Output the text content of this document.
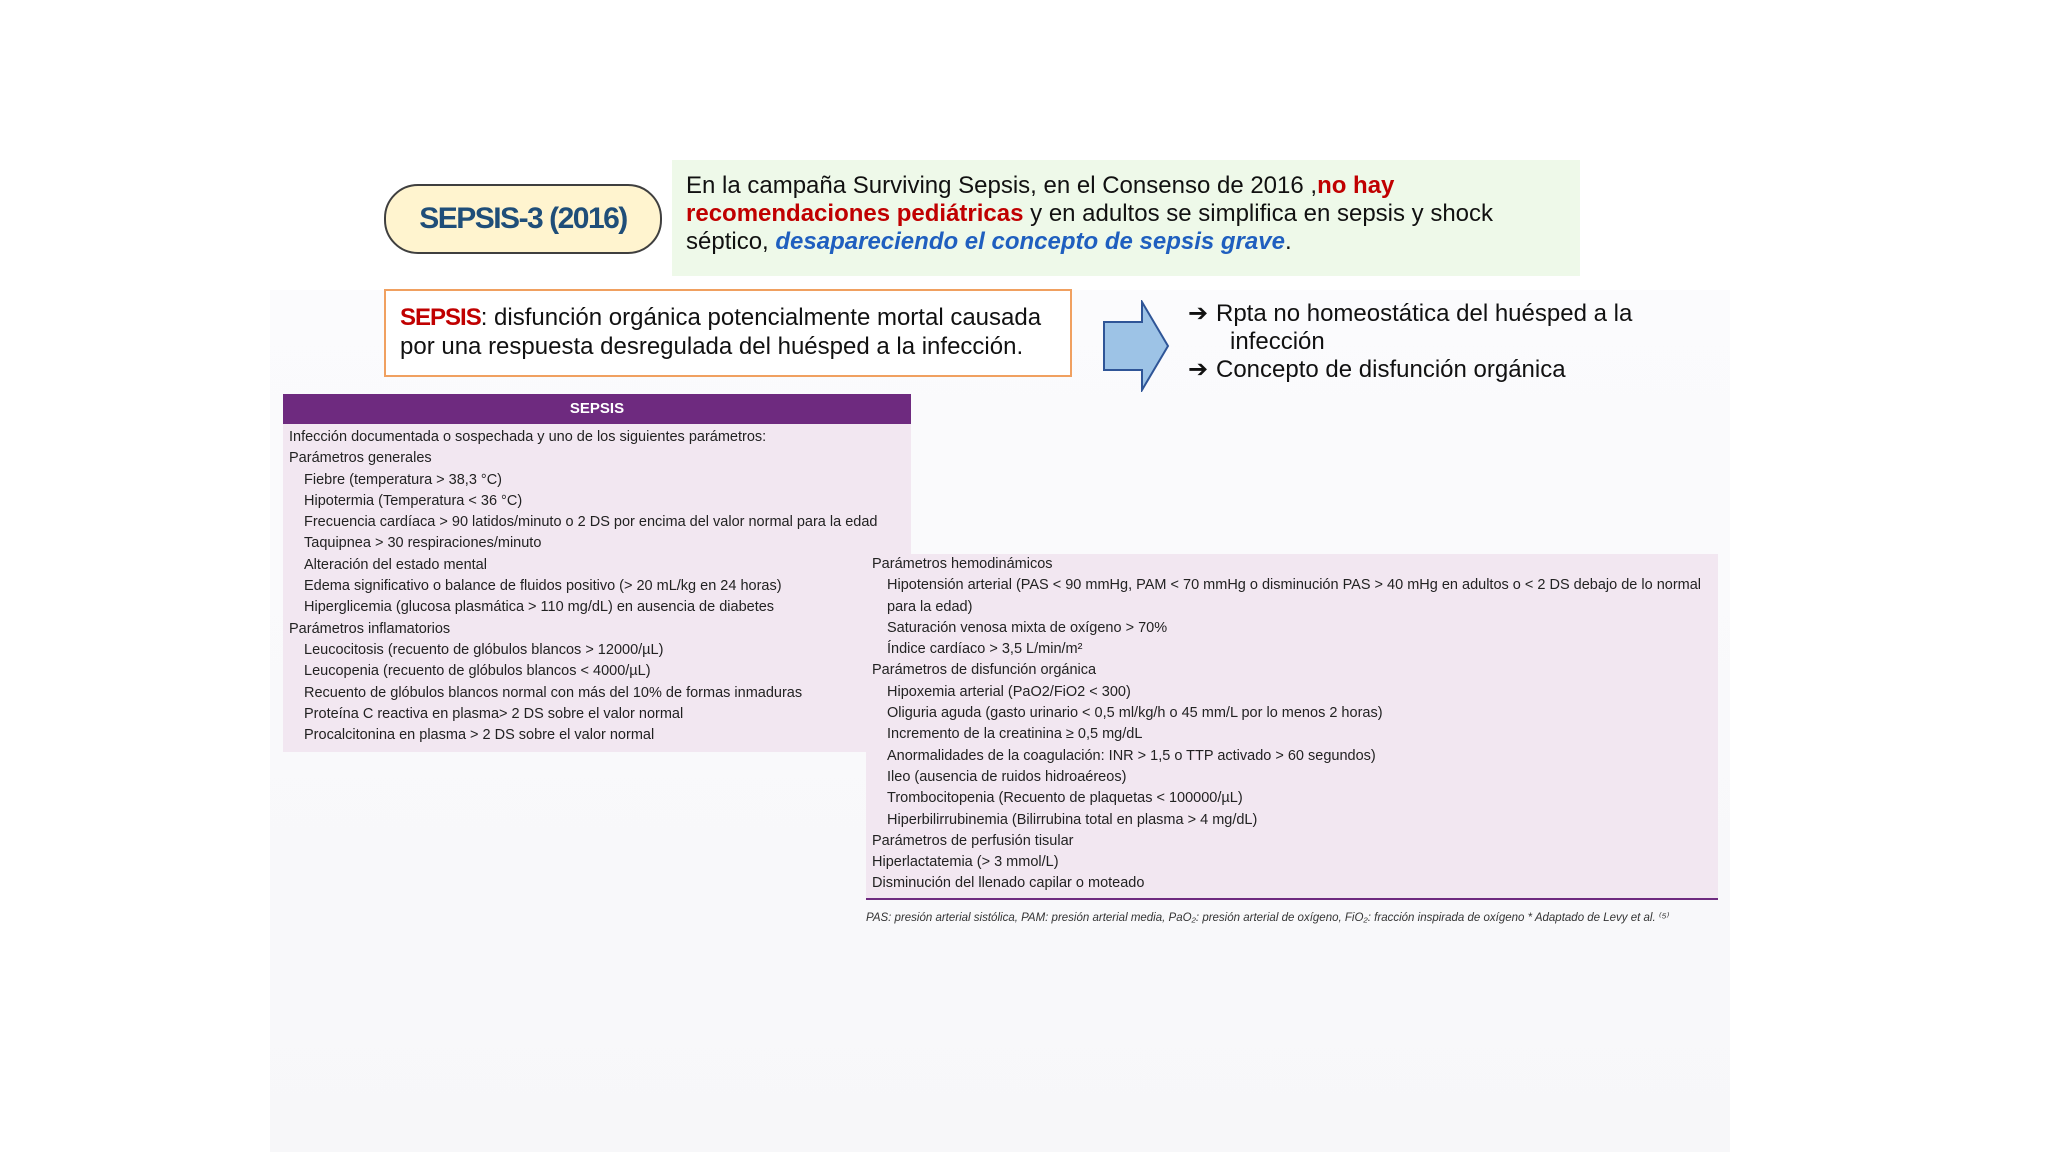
SEPSIS-3 (2016)
En la campaña Surviving Sepsis, en el Consenso de 2016 ,no hay recomendaciones pediátricas y en adultos se simplifica en sepsis y shock séptico, desapareciendo el concepto de sepsis grave.
SEPSIS: disfunción orgánica potencialmente mortal causada por una respuesta desregulada del huésped a la infección.
➔ Rpta no homeostática del huésped a la
infección
➔ Concepto de disfunción orgánica
SEPSIS
Infección documentada o sospechada y uno de los siguientes parámetros:
Parámetros generales
Fiebre (temperatura > 38,3 °C)
Hipotermia (Temperatura < 36 °C)
Frecuencia cardíaca > 90 latidos/minuto o 2 DS por encima del valor normal para la edad
Taquipnea > 30 respiraciones/minuto
Alteración del estado mental
Edema significativo o balance de fluidos positivo (> 20 mL/kg en 24 horas)
Hiperglicemia (glucosa plasmática > 110 mg/dL) en ausencia de diabetes
Parámetros inflamatorios
Leucocitosis (recuento de glóbulos blancos > 12000/µL)
Leucopenia (recuento de glóbulos blancos < 4000/µL)
Recuento de glóbulos blancos normal con más del 10% de formas inmaduras
Proteína C reactiva en plasma> 2 DS sobre el valor normal
Procalcitonina en plasma > 2 DS sobre el valor normal
Parámetros hemodinámicos
Hipotensión arterial (PAS < 90 mmHg, PAM < 70 mmHg o disminución PAS > 40 mHg en adultos o < 2 DS debajo de lo normal para la edad)
Saturación venosa mixta de oxígeno > 70%
Índice cardíaco > 3,5 L/min/m²
Parámetros de disfunción orgánica
Hipoxemia arterial (PaO2/FiO2 < 300)
Oliguria aguda (gasto urinario < 0,5 ml/kg/h o 45 mm/L por lo menos 2 horas)
Incremento de la creatinina ≥ 0,5 mg/dL
Anormalidades de la coagulación: INR > 1,5 o TTP activado > 60 segundos)
Ileo (ausencia de ruidos hidroaéreos)
Trombocitopenia (Recuento de plaquetas < 100000/µL)
Hiperbilirrubinemia (Bilirrubina total en plasma > 4 mg/dL)
Parámetros de perfusión tisular
Hiperlactatemia (> 3 mmol/L)
Disminución del llenado capilar o moteado
PAS: presión arterial sistólica, PAM: presión arterial media, PaO₂: presión arterial de oxígeno, FiO₂: fracción inspirada de oxígeno * Adaptado de Levy et al. ⁽⁵⁾
